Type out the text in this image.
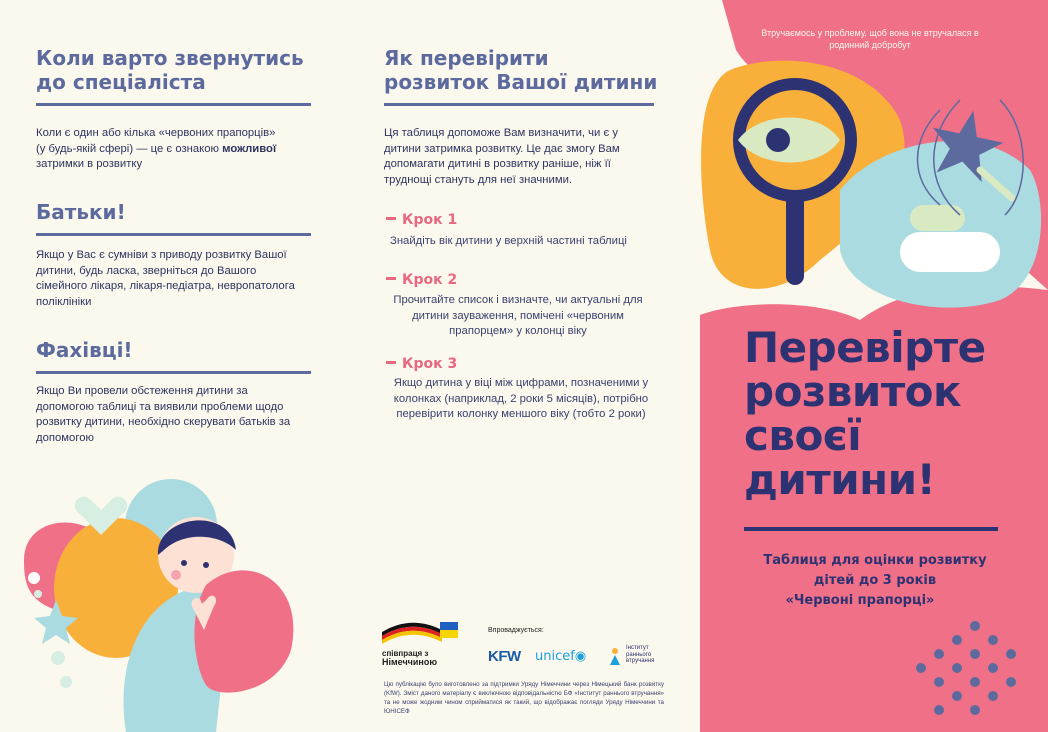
Коли варто звернутись до спеціаліста
Коли є один або кілька «червоних прапорців»
(у будь-якій сфері) — це є ознакою можливої
затримки в розвитку
Батьки!
Якщо у Вас є сумніви з приводу розвитку Вашої дитини, будь ласка, зверніться до Вашого сімейного лікаря, лікаря-педіатра, невропатолога поліклініки
Фахівці!
Якщо Ви провели обстеження дитини за допомогою таблиці та виявили проблеми щодо розвитку дитини, необхідно скерувати батьків за допомогою
Як перевірити розвиток Вашої дитини
Ця таблиця допоможе Вам визначити, чи є у дитини затримка розвитку. Це дає змогу Вам допомагати дитині в розвитку раніше, ніж її труднощі стануть для неї значними.
Крок 1
Знайдіть вік дитини у верхній частині таблиці
Крок 2
Прочитайте список і визначте, чи актуальні для дитини зауваження, помічені «червоним прапорцем» у колонці віку
Крок 3
Якщо дитина у віці між цифрами, позначеними у колонках (наприклад, 2 роки 5 місяців), потрібно перевірити колонку меншого віку (тобто 2 роки)
співпраця з
Німеччиною
Впроваджується:
KFW unicef◉
Інститут
раннього
втручання
Цю публікацію було виготовлено за підтримки Уряду Німеччини через Німецький банк розвитку (KfW). Зміст даного матеріалу є виключною відповідальністю БФ «Інститут раннього втручання» та не може жодним чином сприйматися як такий, що відображає погляди Уряду Німеччини та ЮНІСЕФ
Втручаємось у проблему, щоб вона не втручалася в родинний добробут
Перевірте розвиток своєї дитини!
Таблиця для оцінки розвитку
дітей до 3 років
«Червоні прапорці»
